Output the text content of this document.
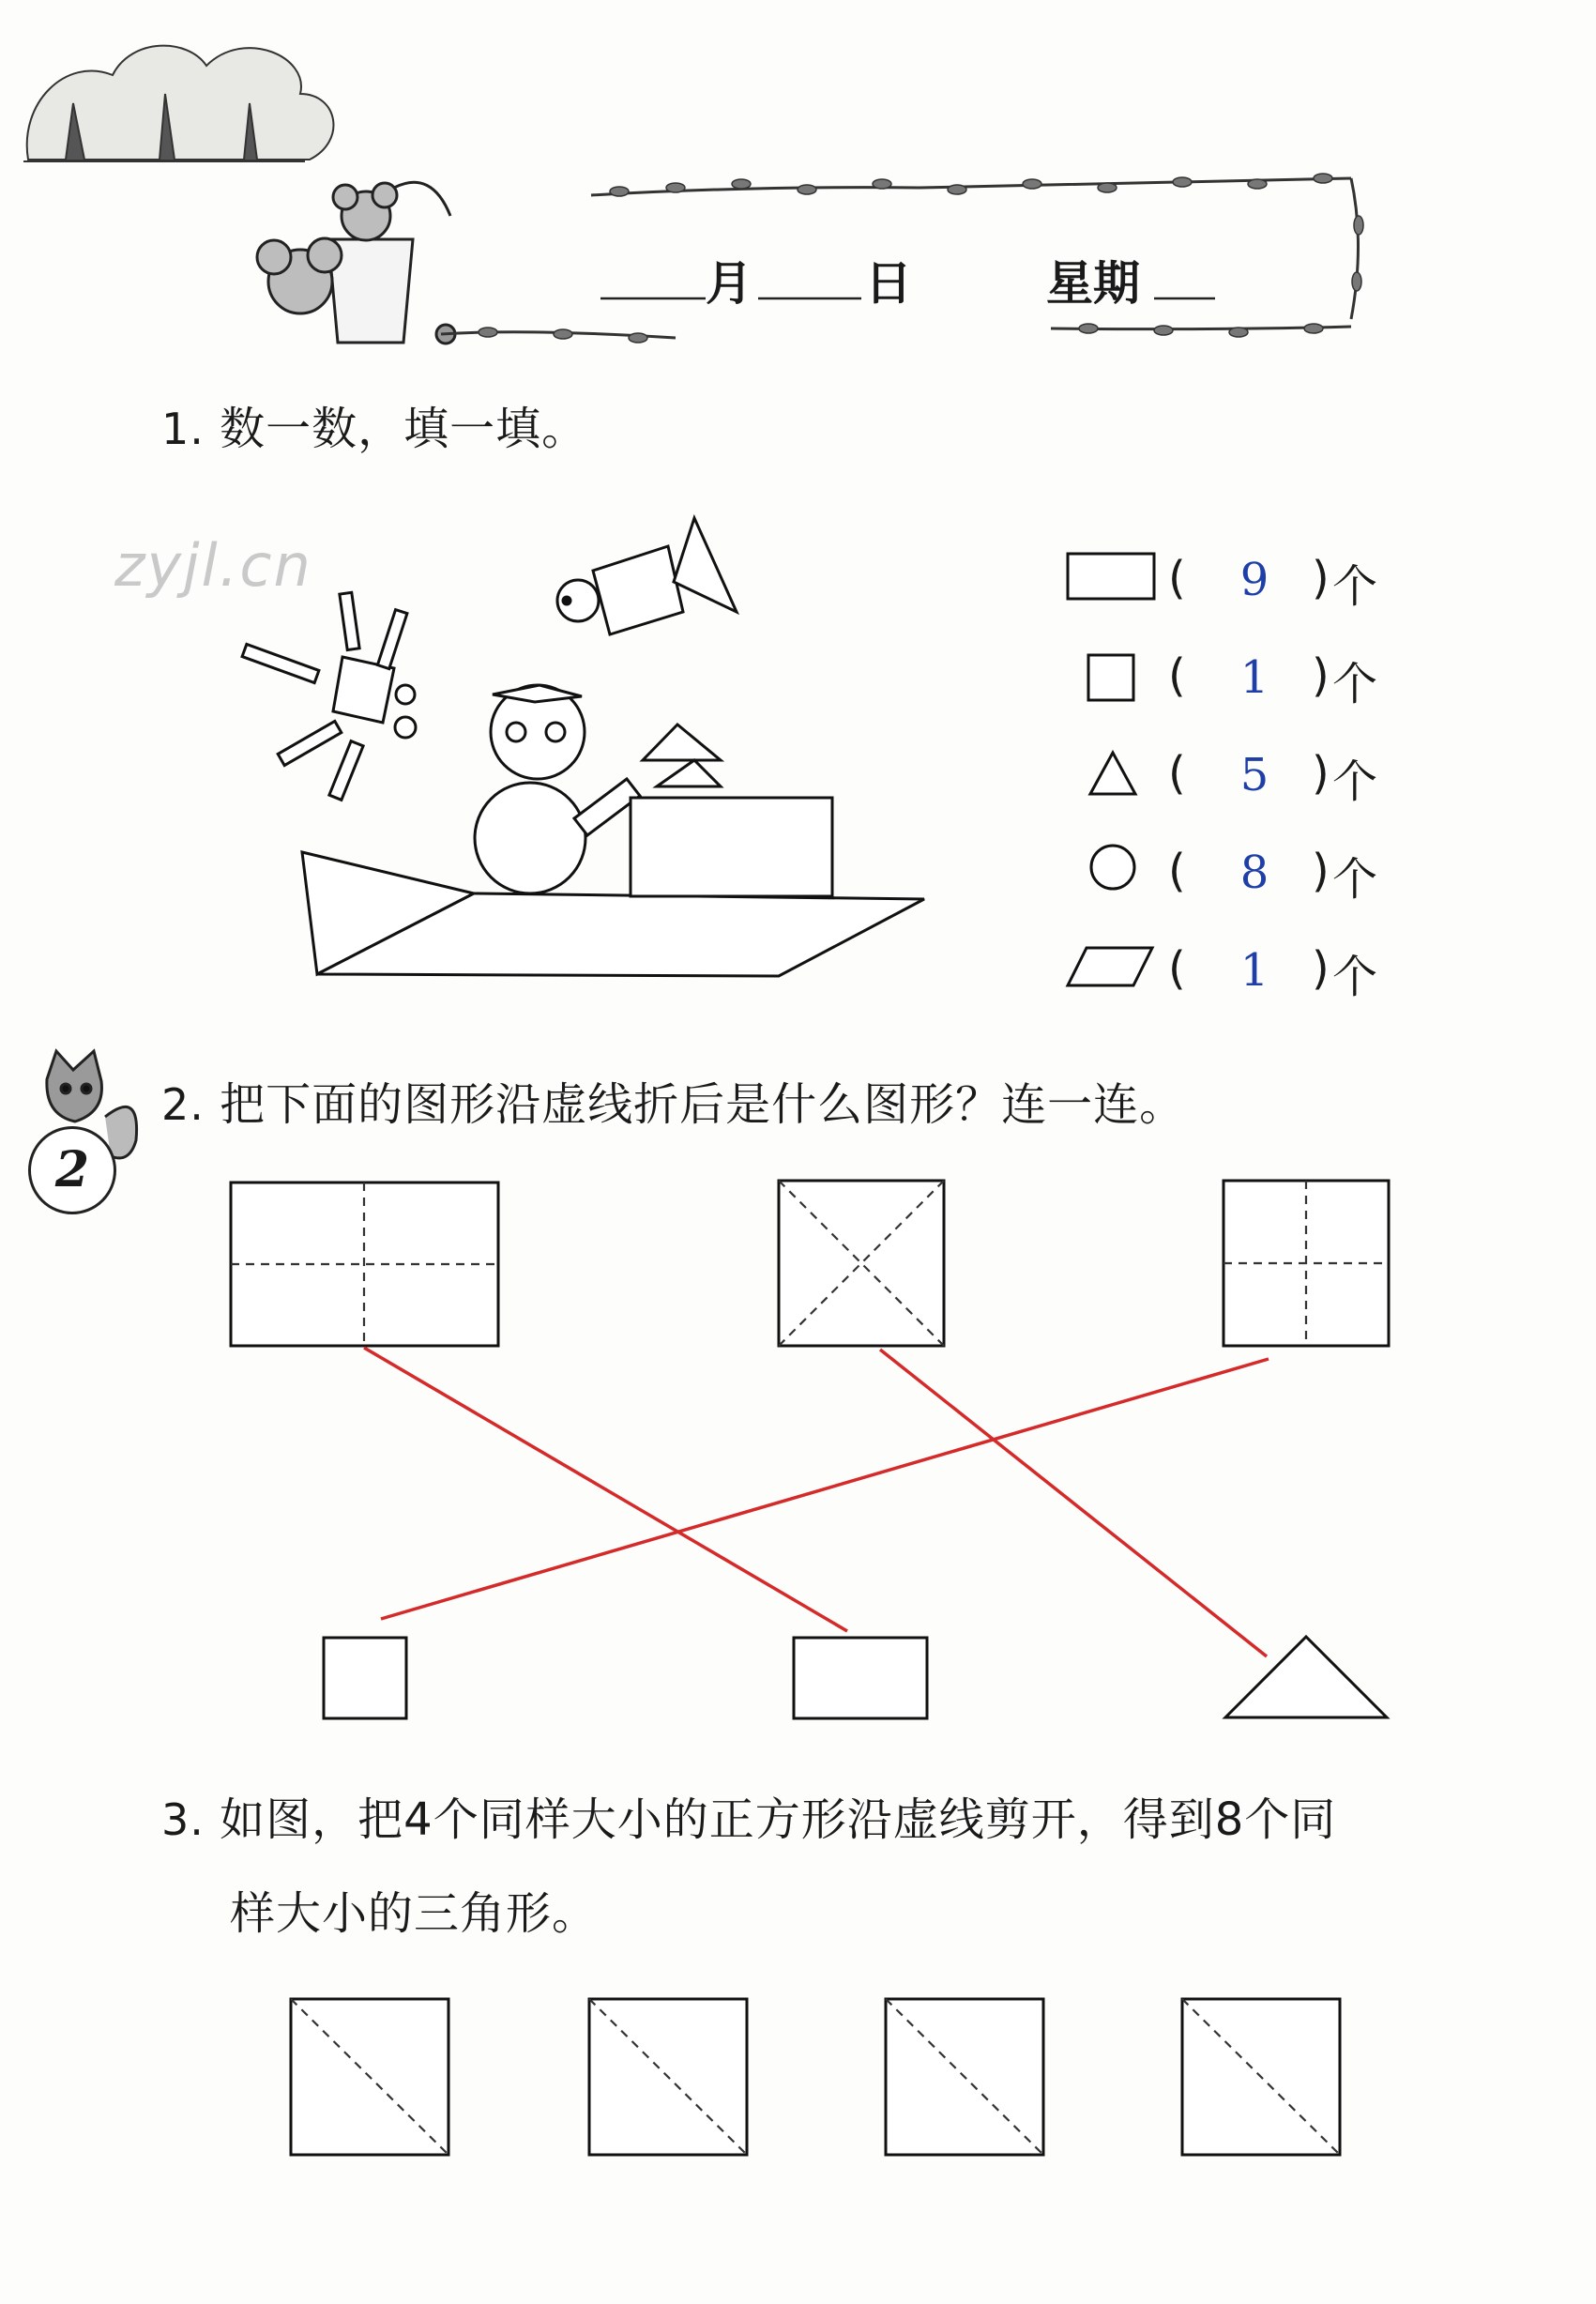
月 日	星期
1. 数一数，填一填。
zyjl.cn	(	9 ) 个
(	1 ) 个
(	5 ) 个
(	8 ) 个
(	1 ) 个
2
2. 把下面的图形沿虚线折后是什么图形？连一连。
3. 如图，把4个同样大小的正方形沿虚线剪开，得到8个同
样大小的三角形。
